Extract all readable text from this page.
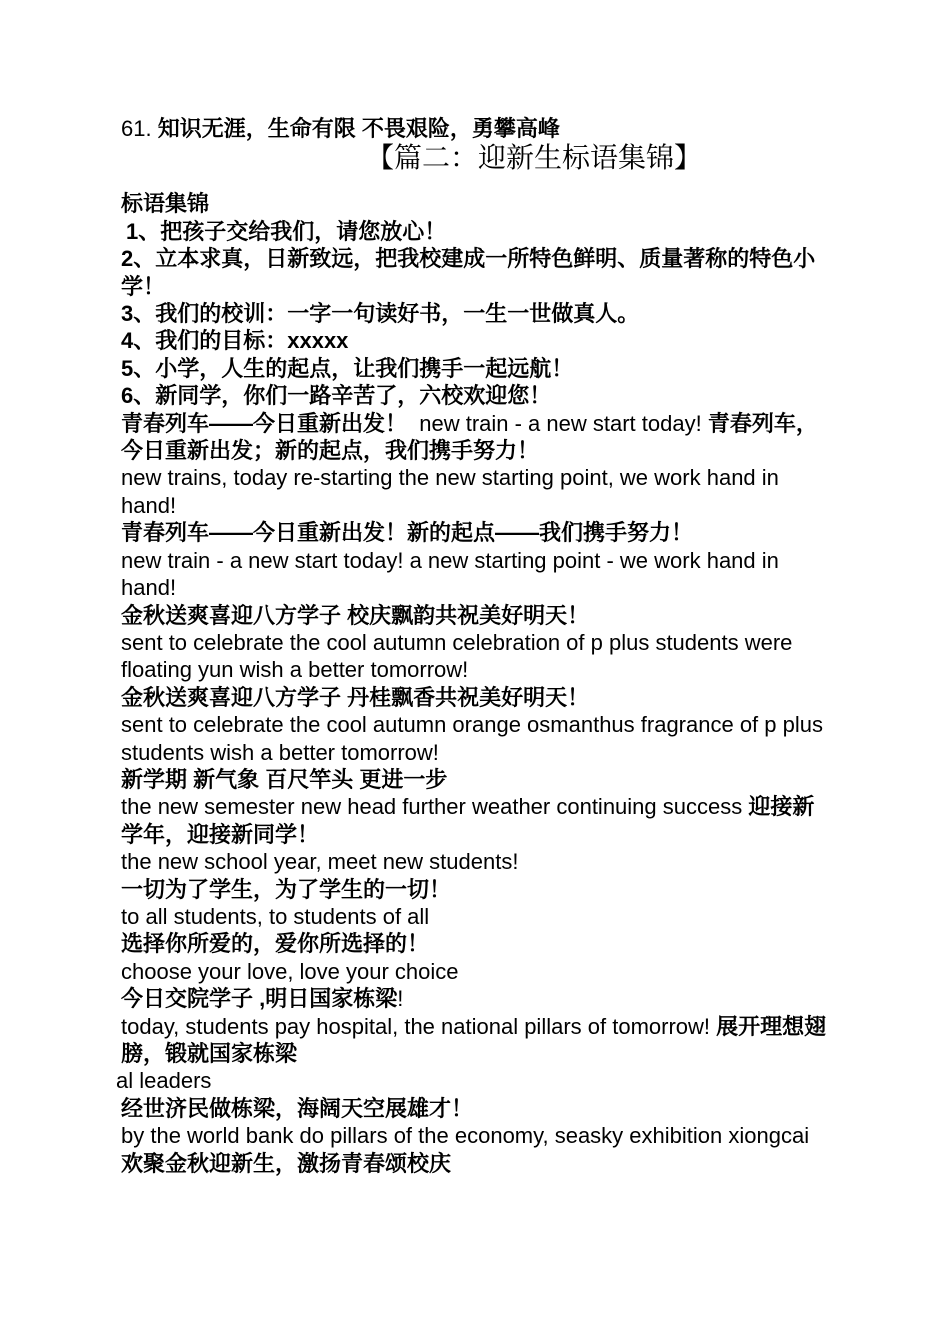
61. 知识无涯，生命有限 不畏艰险，勇攀高峰
【篇二：迎新生标语集锦】
标语集锦
1、把孩子交给我们，请您放心！
2、立本求真，日新致远，把我校建成一所特色鲜明、质量著称的特色小学！
3、我们的校训：一字一句读好书，一生一世做真人。
4、我们的目标：xxxxx
5、小学，人生的起点，让我们携手一起远航！
6、新同学，你们一路辛苦了，六校欢迎您！
青春列车——今日重新出发！  new train - a new start today! 青春列车，今日重新出发；新的起点，我们携手努力！
new trains, today re-starting the new starting point, we work hand in hand!
青春列车——今日重新出发！新的起点——我们携手努力！
new train - a new start today! a new starting point - we work hand in hand!
金秋送爽喜迎八方学子 校庆飘韵共祝美好明天！
sent to celebrate the cool autumn celebration of p plus students were floating yun wish a better tomorrow!
金秋送爽喜迎八方学子 丹桂飘香共祝美好明天！
sent to celebrate the cool autumn orange osmanthus fragrance of p plus students wish a better tomorrow!
新学期 新气象 百尺竿头 更进一步
the new semester new head further weather continuing success 迎接新学年，迎接新同学！
the new school year, meet new students!
一切为了学生，为了学生的一切！
to all students, to students of all
选择你所爱的，爱你所选择的！
choose your love, love your choice
今日交院学子 ,明日国家栋梁!
today, students pay hospital, the national pillars of tomorrow! 展开理想翅膀，锻就国家栋梁
al leaders
经世济民做栋梁，海阔天空展雄才！
by the world bank do pillars of the economy, seasky exhibition xiongcai
欢聚金秋迎新生，激扬青春颂校庆
